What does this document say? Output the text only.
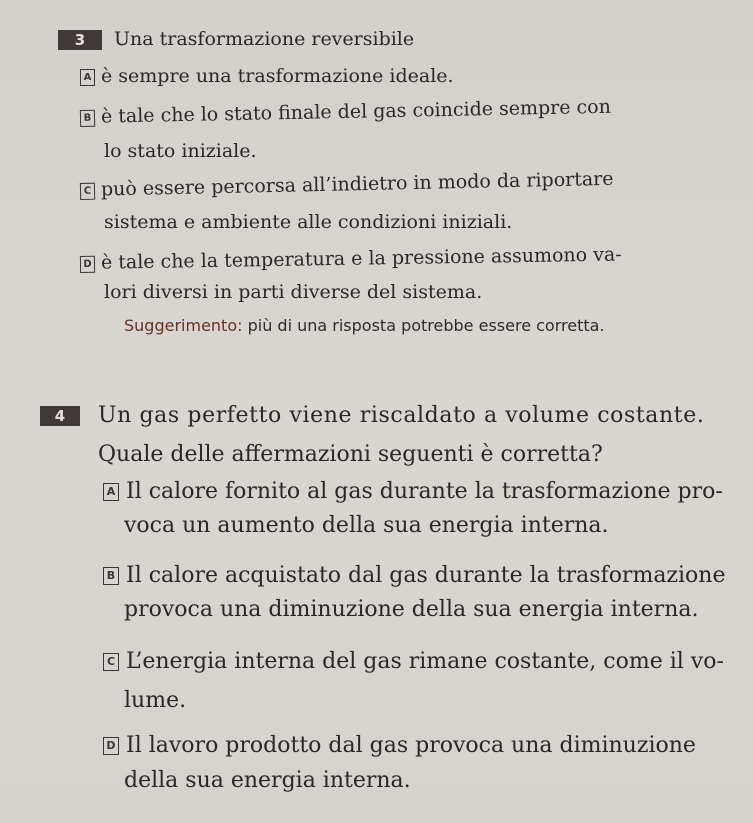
3	Una trasformazione reversibile
A è sempre una trasformazione ideale.
B è tale che lo stato finale del gas coincide sempre con
lo stato iniziale.
C può essere percorsa all’indietro in modo da riportare
sistema e ambiente alle condizioni iniziali.
D è tale che la temperatura e la pressione assumono va-
lori diversi in parti diverse del sistema.
Suggerimento: più di una risposta potrebbe essere corretta.
4	Un gas perfetto viene riscaldato a volume costante.
Quale delle affermazioni seguenti è corretta?
A Il calore fornito al gas durante la trasformazione pro-
voca un aumento della sua energia interna.
B Il calore acquistato dal gas durante la trasformazione
provoca una diminuzione della sua energia interna.
C L’energia interna del gas rimane costante, come il vo-
lume.
D Il lavoro prodotto dal gas provoca una diminuzione
della sua energia interna.
